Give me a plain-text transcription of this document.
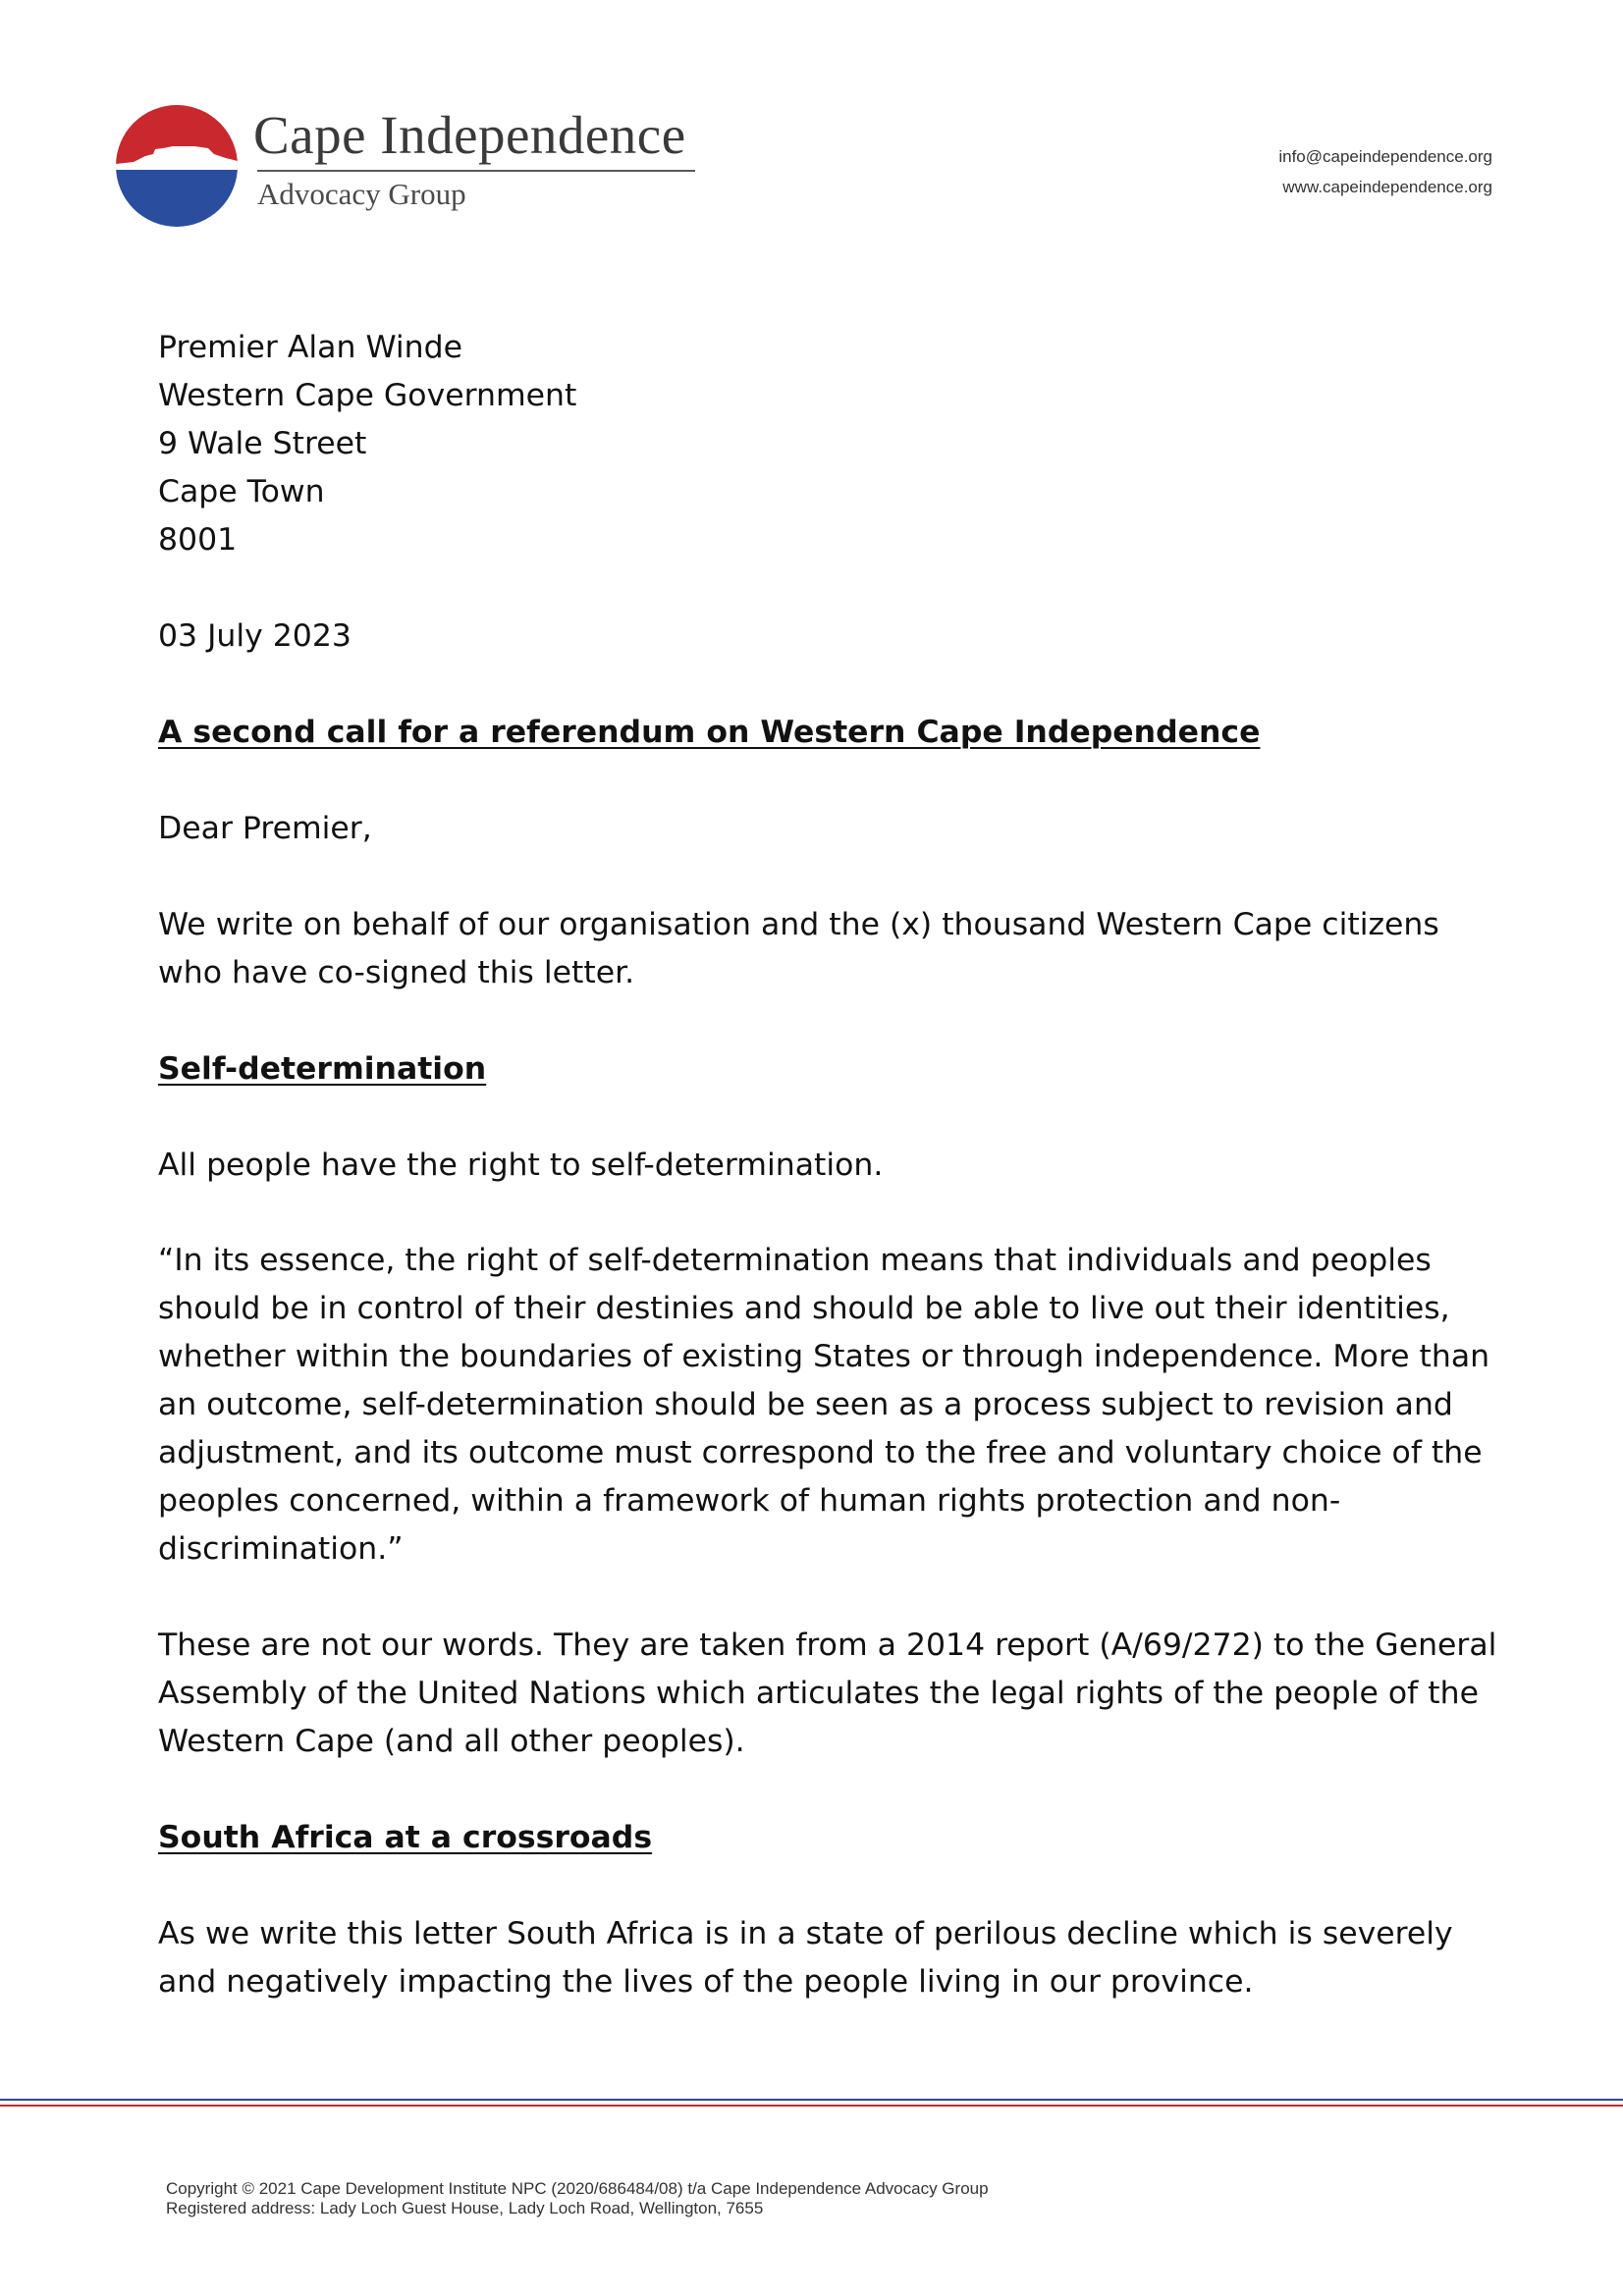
Cape Independence
Advocacy Group
info@capeindependence.org
www.capeindependence.org
Premier Alan Winde
Western Cape Government
9 Wale Street
Cape Town
8001
03 July 2023
A second call for a referendum on Western Cape Independence
Dear Premier,
We write on behalf of our organisation and the (x) thousand Western Cape citizens
who have co-signed this letter.
Self-determination
All people have the right to self-determination.
“In its essence, the right of self-determination means that individuals and peoples
should be in control of their destinies and should be able to live out their identities,
whether within the boundaries of existing States or through independence. More than
an outcome, self-determination should be seen as a process subject to revision and
adjustment, and its outcome must correspond to the free and voluntary choice of the
peoples concerned, within a framework of human rights protection and non-
discrimination.”
These are not our words. They are taken from a 2014 report (A/69/272) to the General
Assembly of the United Nations which articulates the legal rights of the people of the
Western Cape (and all other peoples).
South Africa at a crossroads
As we write this letter South Africa is in a state of perilous decline which is severely
and negatively impacting the lives of the people living in our province.
Copyright © 2021 Cape Development Institute NPC (2020/686484/08) t/a Cape Independence Advocacy Group
Registered address: Lady Loch Guest House, Lady Loch Road, Wellington, 7655
